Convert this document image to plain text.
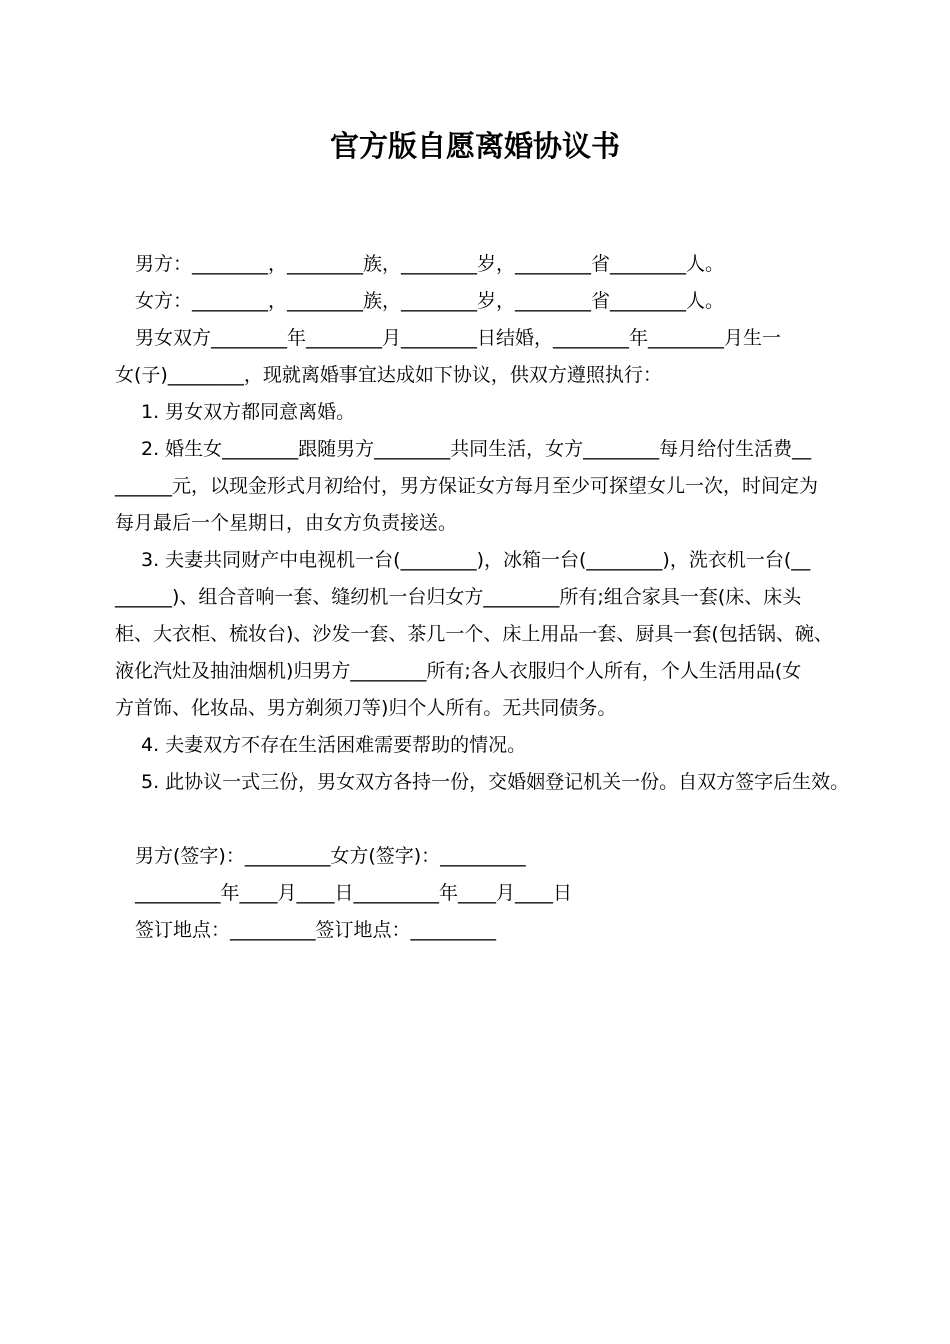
官方版自愿离婚协议书

男方：________，________族，________岁，________省________人。

女方：________，________族，________岁，________省________人。

男女双方________年________月________日结婚，________年________月生一

女(子)________，现就离婚事宜达成如下协议，供双方遵照执行：

1. 男女双方都同意离婚。

2. 婚生女________跟随男方________共同生活，女方________每月给付生活费__

______元，以现金形式月初给付，男方保证女方每月至少可探望女儿一次，时间定为

每月最后一个星期日，由女方负责接送。

3. 夫妻共同财产中电视机一台(________)，冰箱一台(________)，洗衣机一台(__

______)、组合音响一套、缝纫机一台归女方________所有;组合家具一套(床、床头

柜、大衣柜、梳妆台)、沙发一套、茶几一个、床上用品一套、厨具一套(包括锅、碗、

液化汽灶及抽油烟机)归男方________所有;各人衣服归个人所有，个人生活用品(女

方首饰、化妆品、男方剃须刀等)归个人所有。无共同债务。

4. 夫妻双方不存在生活困难需要帮助的情况。

5. 此协议一式三份，男女双方各持一份，交婚姻登记机关一份。自双方签字后生效。

男方(签字)：_________女方(签字)：_________

_________年____月____日_________年____月____日

签订地点：_________签订地点：_________
